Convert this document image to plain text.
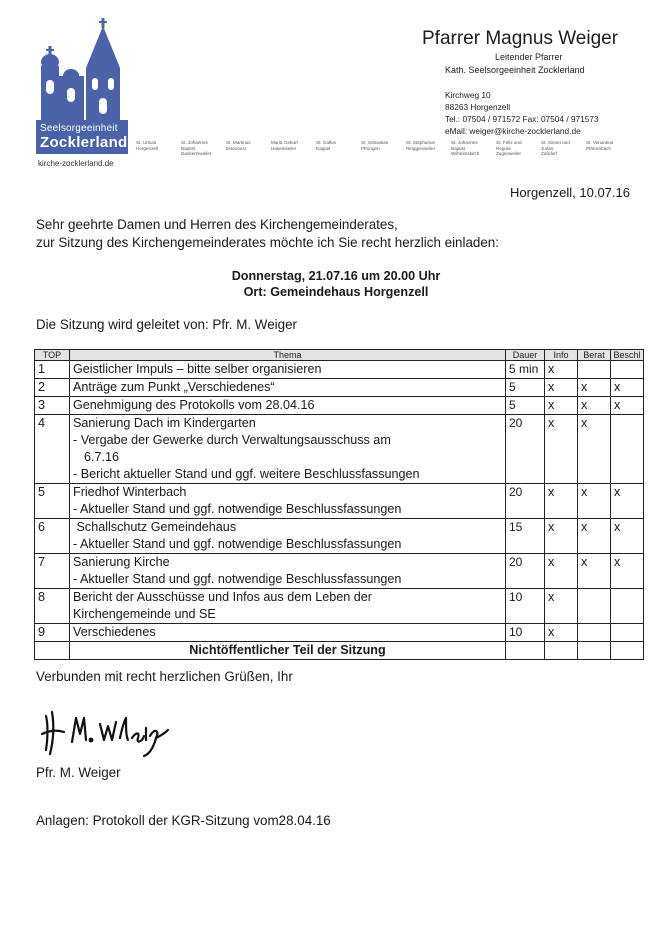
Seelsorgeeinheit
Zocklerland
kirche-zocklerland.de
St. Ursula
Horgenzell
St. Johannes Baptist
Dankertsweiler
St. Martinus
Eisenharz
Mariä Geburt
Hasenweiler
St. Gallus
Kappel
St. Sebastian
Pfrungen
St. Stephanus
Ringgenweiler
St. Johannes Baptist
Wilhelmskirch
St. Felix und Regula
Zogenweiler
St. Simon und Judas
Zußdorf
St. Venantius
Pfärrenbach
Pfarrer Magnus Weiger
Leitender Pfarrer
Kath. Seelsorgeeinheit Zocklerland
Kirchweg 10
88263 Horgenzell
Tel.: 07504 / 971572 Fax: 07504 / 971573
eMail: weiger@kirche-zocklerland.de
Horgenzell, 10.07.16
Sehr geehrte Damen und Herren des Kirchengemeinderates,
zur Sitzung des Kirchengemeinderates möchte ich Sie recht herzlich einladen:
Donnerstag, 21.07.16 um 20.00 Uhr
Ort: Gemeindehaus Horgenzell
Die Sitzung wird geleitet von: Pfr. M. Weiger
TOP	Thema	Dauer	Info	Berat	Beschl
1	Geistlicher Impuls – bitte selber organisieren	5 min	x		
2	Anträge zum Punkt „Verschiedenes“	5	x	x	x
3	Genehmigung des Protokolls vom 28.04.16	5	x	x	x
4	Sanierung Dach im Kindergarten
- Vergabe der Gewerke durch Verwaltungsausschuss am
6.7.16
- Bericht aktueller Stand und ggf. weitere Beschlussfassungen	20	x	x	
5	Friedhof Winterbach
- Aktueller Stand und ggf. notwendige Beschlussfassungen	20	x	x	x
6	Schallschutz Gemeindehaus
- Aktueller Stand und ggf. notwendige Beschlussfassungen	15	x	x	x
7	Sanierung Kirche
- Aktueller Stand und ggf. notwendige Beschlussfassungen	20	x	x	x
8	Bericht der Ausschüsse und Infos aus dem Leben der
Kirchengemeinde und SE	10	x		
9	Verschiedenes	10	x		
	Nichtöffentlicher Teil der Sitzung				
Verbunden mit recht herzlichen Grüßen, Ihr
Pfr. M. Weiger
Anlagen: Protokoll der KGR-Sitzung vom28.04.16
